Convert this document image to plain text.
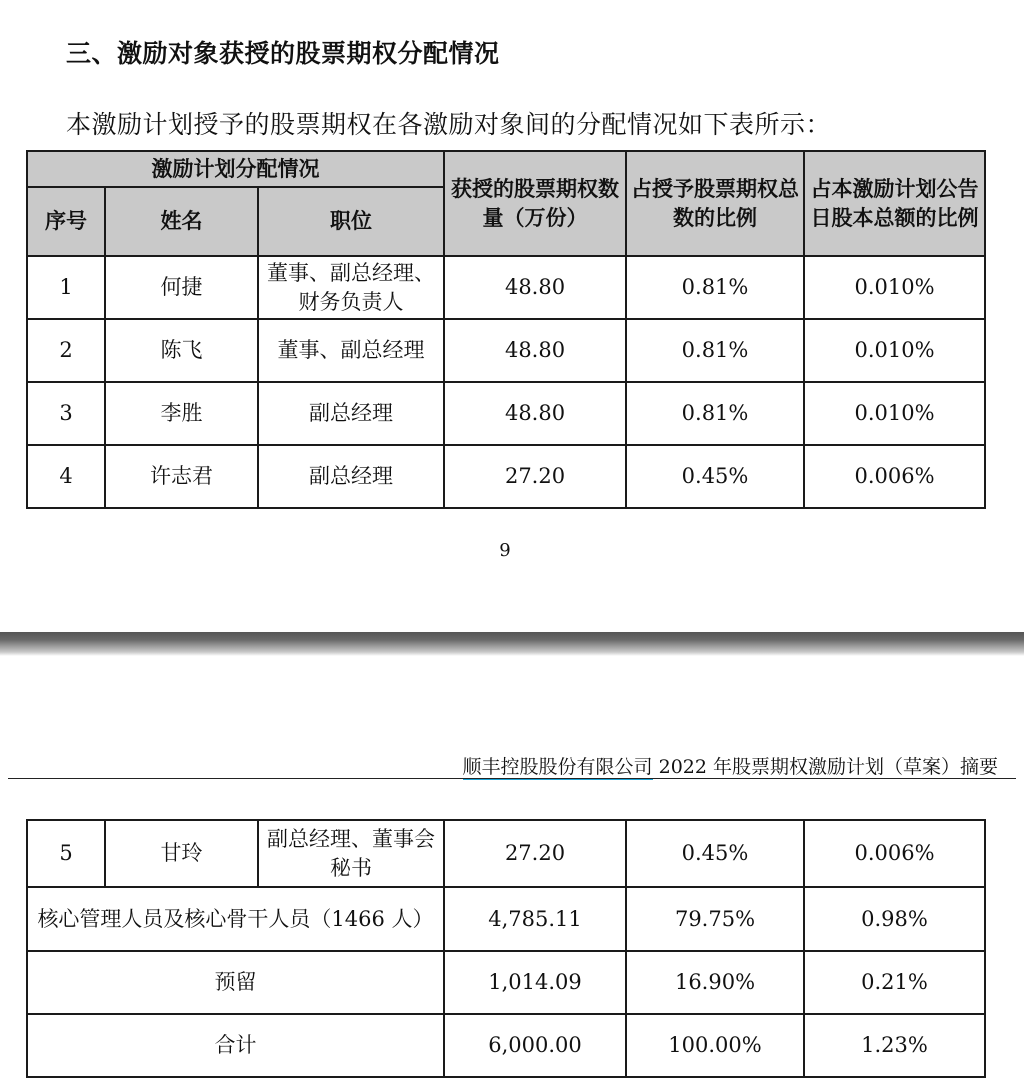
三、激励对象获授的股票期权分配情况

本激励计划授予的股票期权在各激励对象间的分配情况如下表所示：

激励计划分配情况			获授的股票期权数量（万份）	占授予股票期权总数的比例	占本激励计划公告日股本总额的比例
序号	姓名	职位			
1	何捷	董事、副总经理、财务负责人	48.80	0.81%	0.010%
2	陈飞	董事、副总经理	48.80	0.81%	0.010%
3	李胜	副总经理	48.80	0.81%	0.010%
4	许志君	副总经理	27.20	0.45%	0.006%
9
顺丰控股股份有限公司 2022 年股票期权激励计划（草案）摘要
5	甘玲	副总经理、董事会秘书	27.20	0.45%	0.006%
核心管理人员及核心骨干人员（1466 人）			4,785.11	79.75%	0.98%
预留			1,014.09	16.90%	0.21%
合计			6,000.00	100.00%	1.23%
